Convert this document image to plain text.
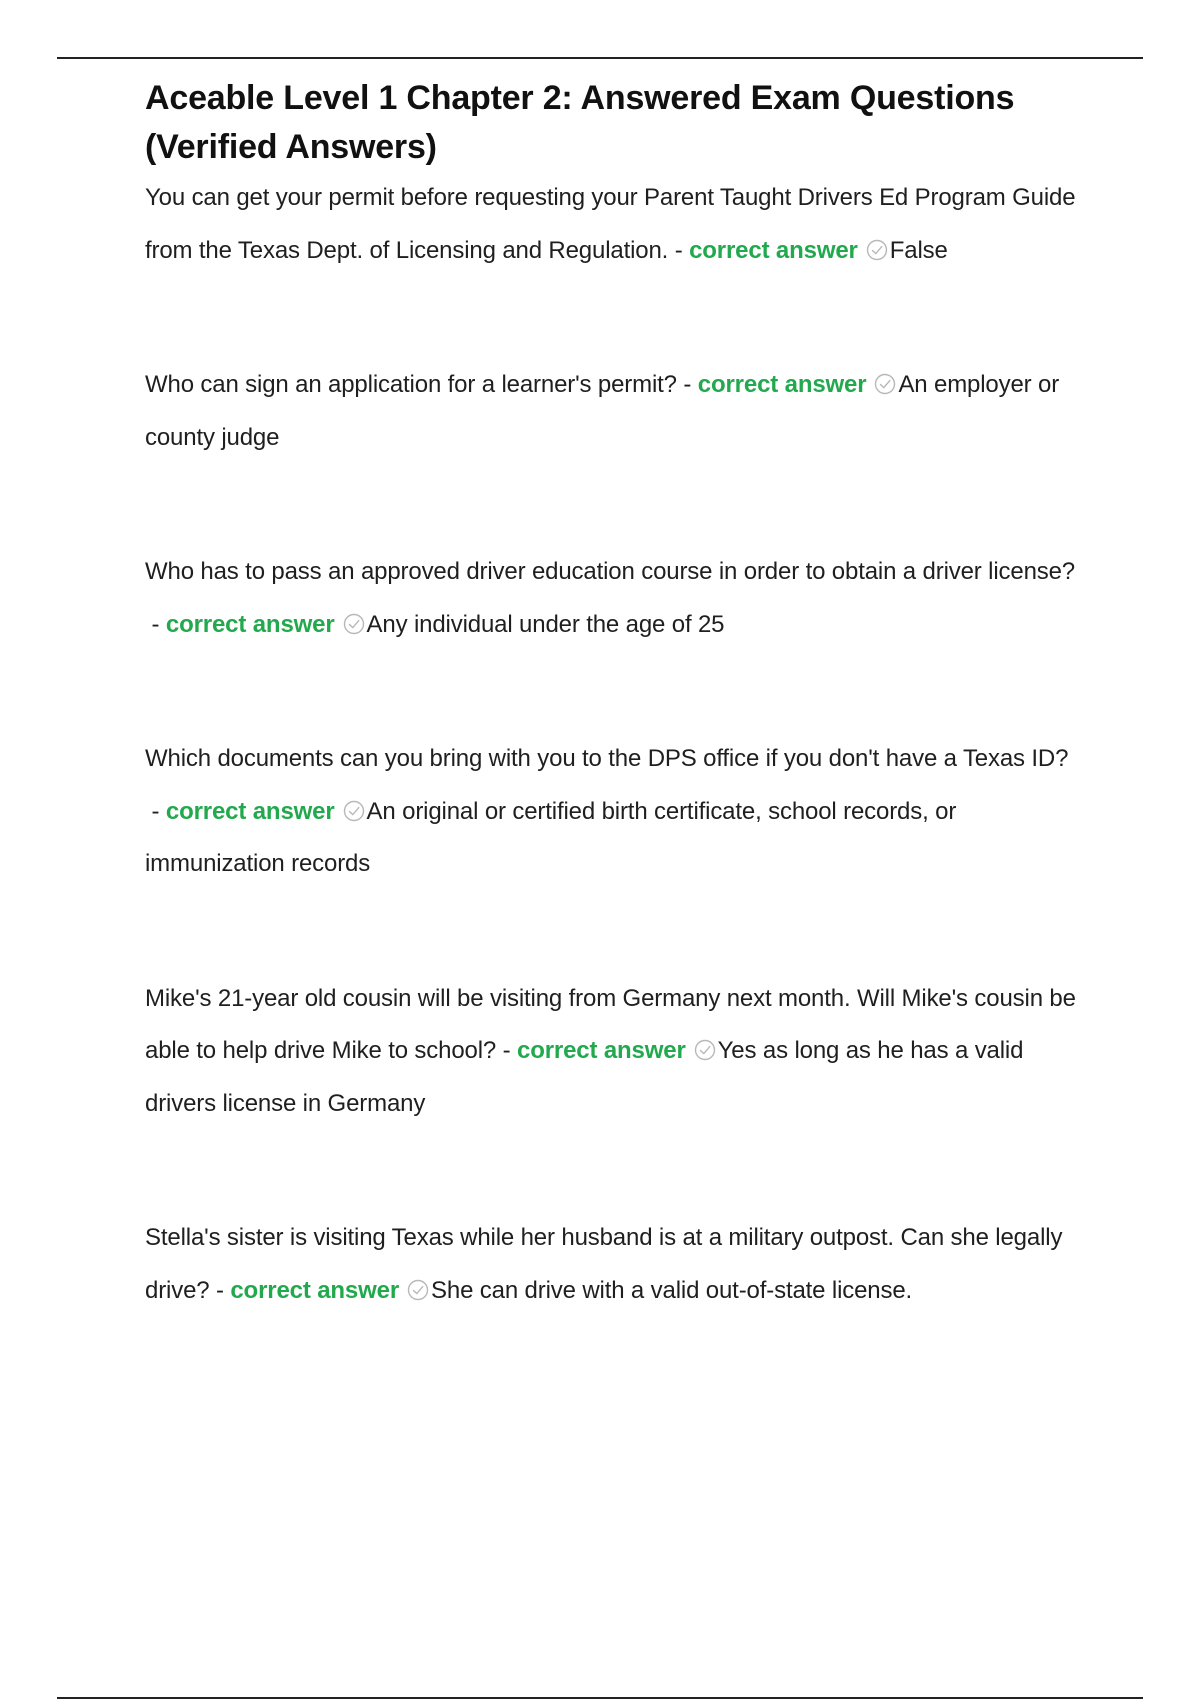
Aceable Level 1 Chapter 2: Answered Exam Questions (Verified Answers)

You can get your permit before requesting your Parent Taught Drivers Ed Program Guide from the Texas Dept. of Licensing and Regulation. - correct answer False

Who can sign an application for a learner's permit? - correct answer An employer or county judge

Who has to pass an approved driver education course in order to obtain a driver license? - correct answer Any individual under the age of 25

Which documents can you bring with you to the DPS office if you don't have a Texas ID? - correct answer An original or certified birth certificate, school records, or immunization records

Mike's 21-year old cousin will be visiting from Germany next month. Will Mike's cousin be able to help drive Mike to school? - correct answer Yes as long as he has a valid drivers license in Germany

Stella's sister is visiting Texas while her husband is at a military outpost. Can she legally drive? - correct answer She can drive with a valid out-of-state license.
